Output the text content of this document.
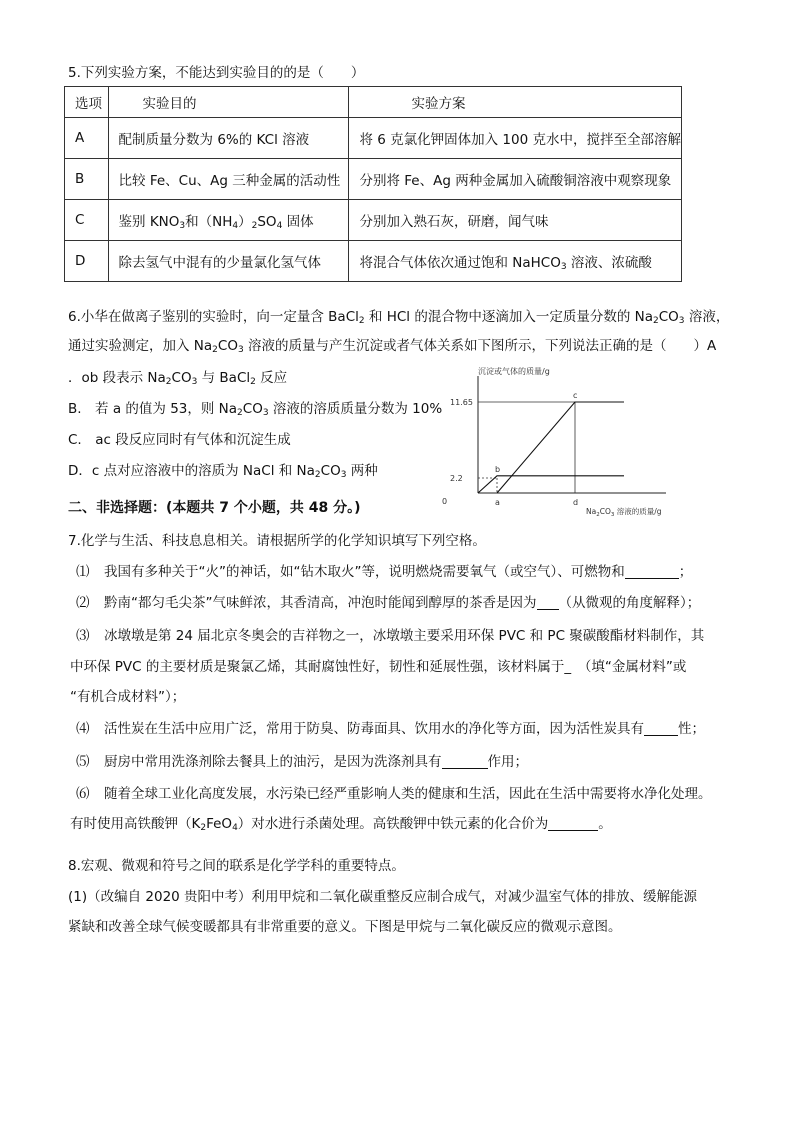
5.下列实验方案，不能达到实验目的的是（　　）
选项	实验目的	实验方案
A	配制质量分数为 6%的 KCl 溶液	将 6 克氯化钾固体加入 100 克水中，搅拌至全部溶解
B	比较 Fe、Cu、Ag 三种金属的活动性	分别将 Fe、Ag 两种金属加入硫酸铜溶液中观察现象
C	鉴别 $KNO_3$和$(NH_4)_2SO_4$ 固体	分别加入熟石灰，研磨，闻气味
D	除去氢气中混有的少量氯化氢气体	将混合气体依次通过饱和 NaHCO$_3$ 溶液、浓硫酸
6.小华在做离子鉴别的实验时，向一定量含 BaCl$_2$ 和 HCl 的混合物中逐滴加入一定质量分数的 $Na_2CO_3$ 溶液，
通过实验测定，加入 $Na_2CO_3$ 溶液的质量与产生沉淀或者气体关系如下图所示，下列说法正确的是（　　）A
．ob 段表示 $Na_2CO_3$ 与 BaCl$_2$ 反应
B.　若 a 的值为 53，则 $Na_2CO_3$ 溶液的溶质质量分数为 10%
C.　ac 段反应同时有气体和沉淀生成
D．c 点对应溶液中的溶质为 NaCl 和 $Na_2CO_3$ 两种
沉淀或气体的质量/g
0
11.65
2.2
b
c
a	d
$Na_2CO_3$ 溶液的质量/g
二、非选择题：(本题共 7 个小题，共 48 分。)
7.化学与生活、科技息息相关。请根据所学的化学知识填写下列空格。
⑴ 我国有多种关于“火”的神话，如“钻木取火”等，说明燃烧需要氧气（或空气）、可燃物和	；
⑵ 黔南“都匀毛尖茶”气味鲜浓，其香清高，冲泡时能闻到醇厚的茶香是因为 （从微观的角度解释）；
⑶ 冰墩墩是第 24 届北京冬奥会的吉祥物之一，冰墩墩主要采用环保 PVC 和 PC 聚碳酸酯材料制作，其
中环保 PVC 的主要材质是聚氯乙烯，其耐腐蚀性好，韧性和延展性强，该材料属于_　（填“金属材料”或
“有机合成材料”）；
⑷ 活性炭在生活中应用广泛，常用于防臭、防毒面具、饮用水的净化等方面，因为活性炭具有	性；
⑸ 厨房中常用洗涤剂除去餐具上的油污，是因为洗涤剂具有	作用；
⑹ 随着全球工业化高度发展，水污染已经严重影响人类的健康和生活，因此在生活中需要将水净化处理。
有时使用高铁酸钾$(K_2FeO_4)$对水进行杀菌处理。高铁酸钾中铁元素的化合价为	。
8.宏观、微观和符号之间的联系是化学学科的重要特点。
(1)（改编自 2020 贵阳中考）利用甲烷和二氧化碳重整反应制合成气，对减少温室气体的排放、缓解能源
紧缺和改善全球气候变暖都具有非常重要的意义。下图是甲烷与二氧化碳反应的微观示意图。
